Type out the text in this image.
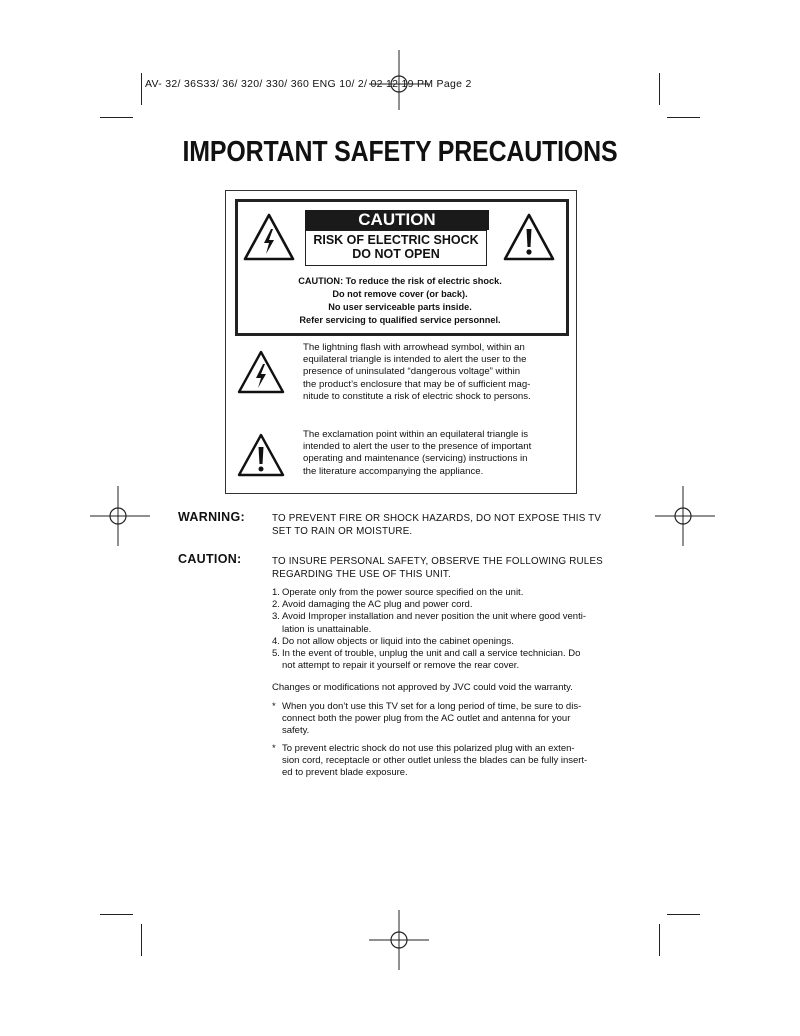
AV- 32/ 36S33/ 36/ 320/ 330/ 360 ENG 10/ 2/ 02 12 19 PM Page 2
IMPORTANT SAFETY PRECAUTIONS
CAUTION
RISK OF ELECTRIC SHOCK
DO NOT OPEN
CAUTION: To reduce the risk of electric shock.
Do not remove cover (or back).
No user serviceable parts inside.
Refer servicing to qualified service personnel.
The lightning flash with arrowhead symbol, within an
equilateral triangle is intended to alert the user to the
presence of uninsulated “dangerous voltage” within
the product’s enclosure that may be of sufficient mag-
nitude to constitute a risk of electric shock to persons.
The exclamation point within an equilateral triangle is
intended to alert the user to the presence of important
operating and maintenance (servicing) instructions in
the literature accompanying the appliance.
WARNING:	TO PREVENT FIRE OR SHOCK HAZARDS, DO NOT EXPOSE THIS TV
SET TO RAIN OR MOISTURE.
CAUTION:	TO INSURE PERSONAL SAFETY, OBSERVE THE FOLLOWING RULES
REGARDING THE USE OF THIS UNIT.
1. Operate only from the power source specified on the unit.
2. Avoid damaging the AC plug and power cord.
3. Avoid Improper installation and never position the unit where good venti-
lation is unattainable.
4. Do not allow objects or liquid into the cabinet openings.
5. In the event of trouble, unplug the unit and call a service technician. Do
not attempt to repair it yourself or remove the rear cover.
Changes or modifications not approved by JVC could void the warranty.
* When you don’t use this TV set for a long period of time, be sure to dis-
connect both the power plug from the AC outlet and antenna for your
safety.
* To prevent electric shock do not use this polarized plug with an exten-
sion cord, receptacle or other outlet unless the blades can be fully insert-
ed to prevent blade exposure.
